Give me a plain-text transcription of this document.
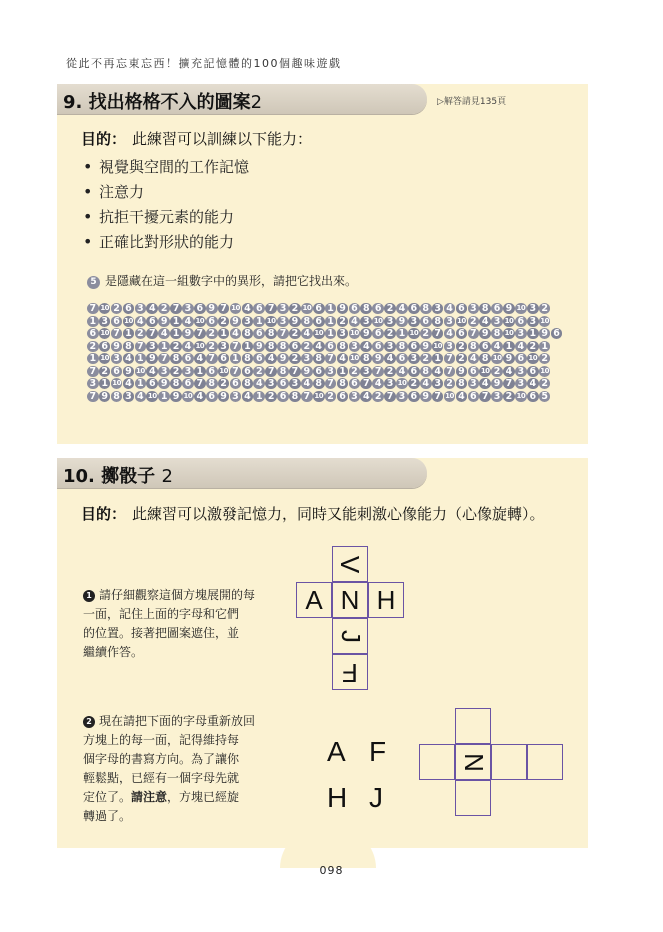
從此不再忘東忘西！擴充記憶體的100個趣味遊戲
9. 找出格格不入的圖案2	▷解答請見135頁
目的： 此練習可以訓練以下能力：
• 視覺與空間的工作記憶
• 注意力
• 抗拒干擾元素的能力
• 正確比對形狀的能力
5 是隱藏在這一組數字中的異形，請把它找出來。
7 10 2 6 3 4 2 7 3 6 9 7 10 4 6 7 3 2 10 6 1 9 6 8 6 2 4 6 8 3 4 6 3 8 6 9 10 3 2
1 3 6 10 4 6 9 1 4 10 6 2 9 3 1 10 3 9 8 6 1 2 4 3 10 3 9 3 6 8 3 10 2 4 3 10 6 3 10
6 10 7 1 2 7 4 1 9 7 2 1 4 8 6 8 7 2 4 10 1 3 10 9 6 2 1 10 2 7 4 6 7 9 8 10 3 1 9 6
2 6 9 8 7 3 1 2 4 10 2 3 7 1 9 8 8 6 2 4 6 8 3 4 6 3 8 6 9 10 3 2 8 6 4 1 4 2 1
1 10 3 4 1 9 7 8 6 4 7 6 1 8 6 4 9 2 3 8 7 4 10 8 9 4 6 3 2 1 7 2 4 8 10 9 6 10 2
7 2 6 9 10 4 3 2 3 1 6 10 7 6 2 7 8 7 9 6 3 1 2 3 7 2 4 6 8 4 7 9 6 10 2 4 3 6 10
3 1 10 4 1 6 9 8 6 7 8 2 6 8 4 3 6 3 4 8 7 8 6 7 4 3 10 2 4 3 2 8 3 4 9 7 3 4 2
7 9 8 3 4 10 1 9 10 4 6 9 3 4 1 2 6 8 7 10 2 6 3 4 2 7 3 6 9 7 10 4 6 7 3 2 10 6 5
10. 擲骰子 2
目的： 此練習可以激發記憶力，同時又能刺激心像能力（心像旋轉）。

1 請仔細觀察這個方塊展開的每

一面，記住上面的字母和它們

的位置。接著把圖案遮住，並

繼續作答。

2 現在請把下面的字母重新放回

方塊上的每一面，記得維持每

個字母的書寫方向。為了讓你

輕鬆點，已經有一個字母先就

定位了。請注意，方塊已經旋

轉過了。

V
A N H
J
F
A F
H J
N
098
